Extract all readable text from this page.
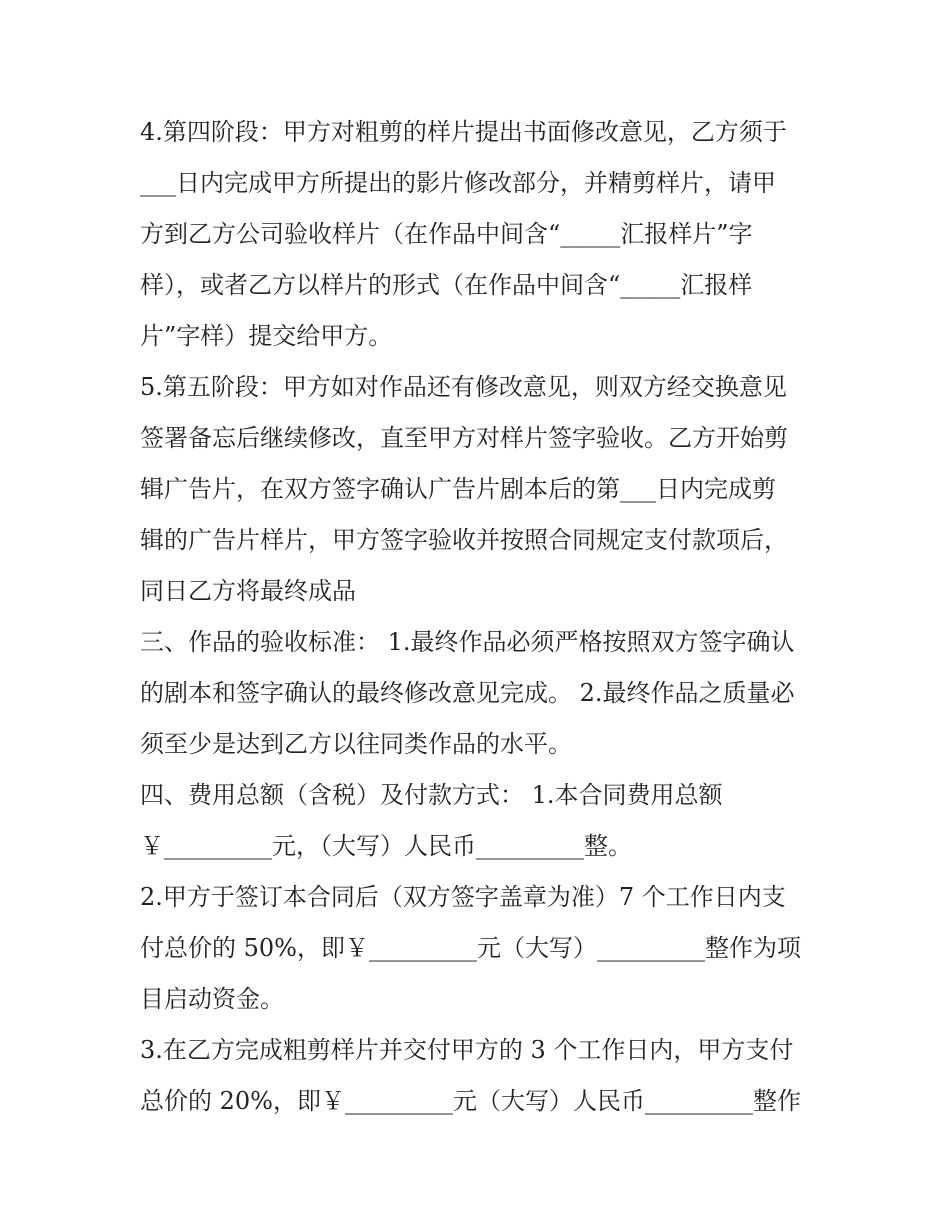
4.第四阶段：甲方对粗剪的样片提出书面修改意见，乙方须于
___日内完成甲方所提出的影片修改部分，并精剪样片，请甲
方到乙方公司验收样片（在作品中间含“_____汇报样片”字
样），或者乙方以样片的形式（在作品中间含“_____汇报样
片”字样）提交给甲方。
5.第五阶段：甲方如对作品还有修改意见，则双方经交换意见
签署备忘后继续修改，直至甲方对样片签字验收。乙方开始剪
辑广告片，在双方签字确认广告片剧本后的第___日内完成剪
辑的广告片样片，甲方签字验收并按照合同规定支付款项后，
同日乙方将最终成品
三、作品的验收标准： 1.最终作品必须严格按照双方签字确认
的剧本和签字确认的最终修改意见完成。 2.最终作品之质量必
须至少是达到乙方以往同类作品的水平。
四、费用总额（含税）及付款方式： 1.本合同费用总额
￥_________元，（大写）人民币_________整。
2.甲方于签订本合同后（双方签字盖章为准）7 个工作日内支
付总价的 50%，即￥_________元（大写）_________整作为项
目启动资金。
3.在乙方完成粗剪样片并交付甲方的 3 个工作日内，甲方支付
总价的 20%，即￥_________元（大写）人民币_________整作
